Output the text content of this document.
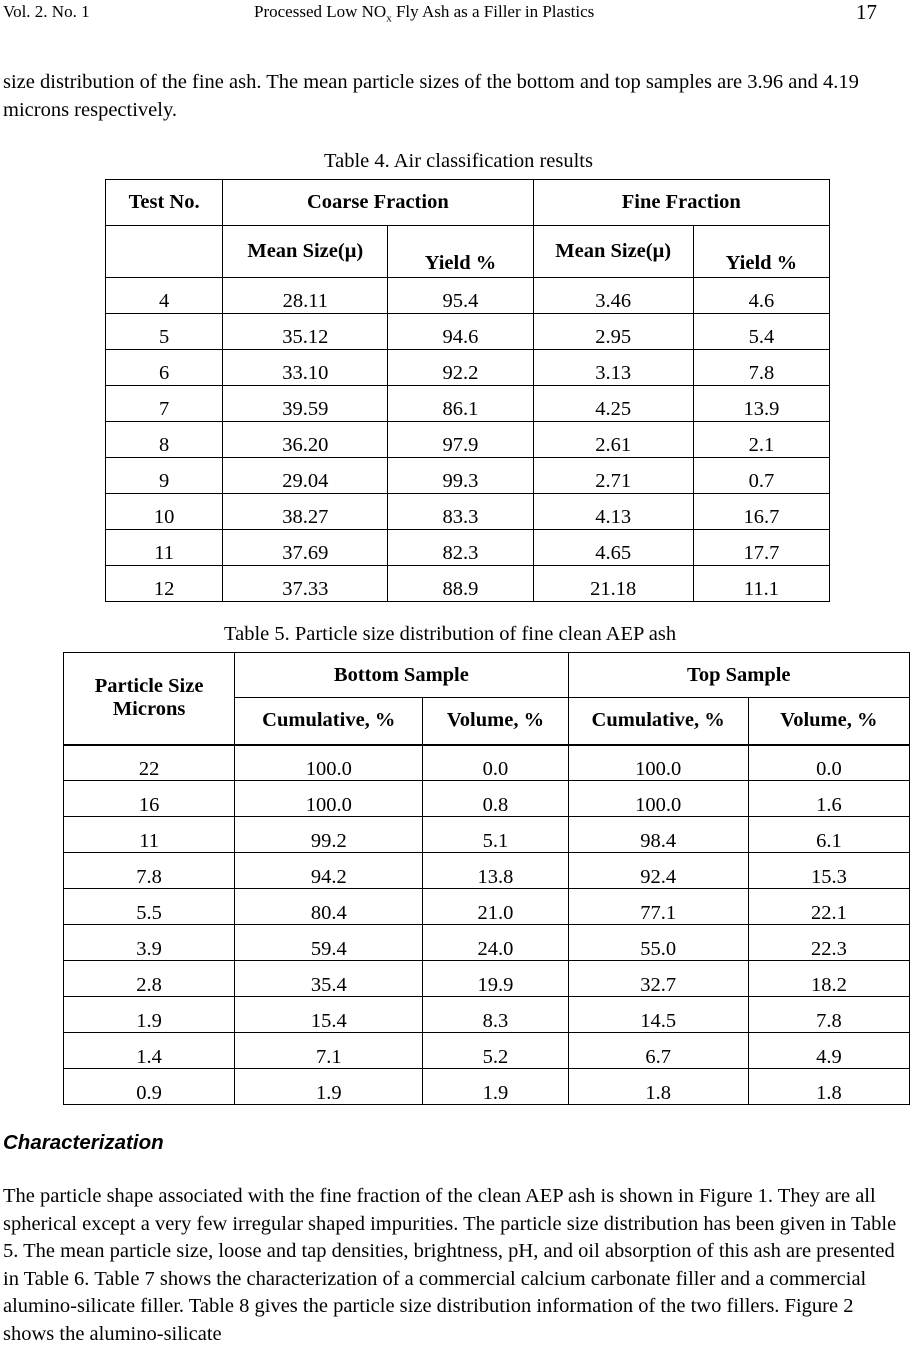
Vol. 2. No. 1	Processed Low $NO_x$ Fly Ash as a Filler in Plastics	17
size distribution of the fine ash. The mean particle sizes of the bottom and top samples are 3.96 and 4.19 microns respectively.
Table 4. Air classification results
Test No.	Coarse Fraction		Fine Fraction	
	Mean Size(μ)	Yield %	Mean Size(μ)	Yield %
4	28.11	95.4	3.46	4.6
5	35.12	94.6	2.95	5.4
6	33.10	92.2	3.13	7.8
7	39.59	86.1	4.25	13.9
8	36.20	97.9	2.61	2.1
9	29.04	99.3	2.71	0.7
10	38.27	83.3	4.13	16.7
11	37.69	82.3	4.65	17.7
12	37.33	88.9	21.18	11.1
Table 5. Particle size distribution of fine clean AEP ash
Particle Size
Microns	Bottom Sample		Top Sample	
	Cumulative, %	Volume, %	Cumulative, %	Volume, %
22	100.0	0.0	100.0	0.0
16	100.0	0.8	100.0	1.6
11	99.2	5.1	98.4	6.1
7.8	94.2	13.8	92.4	15.3
5.5	80.4	21.0	77.1	22.1
3.9	59.4	24.0	55.0	22.3
2.8	35.4	19.9	32.7	18.2
1.9	15.4	8.3	14.5	7.8
1.4	7.1	5.2	6.7	4.9
0.9	1.9	1.9	1.8	1.8
Characterization
The particle shape associated with the fine fraction of the clean AEP ash is shown in Figure 1. They are all spherical except a very few irregular shaped impurities. The particle size distribution has been given in Table 5. The mean particle size, loose and tap densities, brightness, pH, and oil absorption of this ash are presented in Table 6. Table 7 shows the characterization of a commercial calcium carbonate filler and a commercial alumino-silicate filler. Table 8 gives the particle size distribution information of the two fillers. Figure 2 shows the alumino-silicate
